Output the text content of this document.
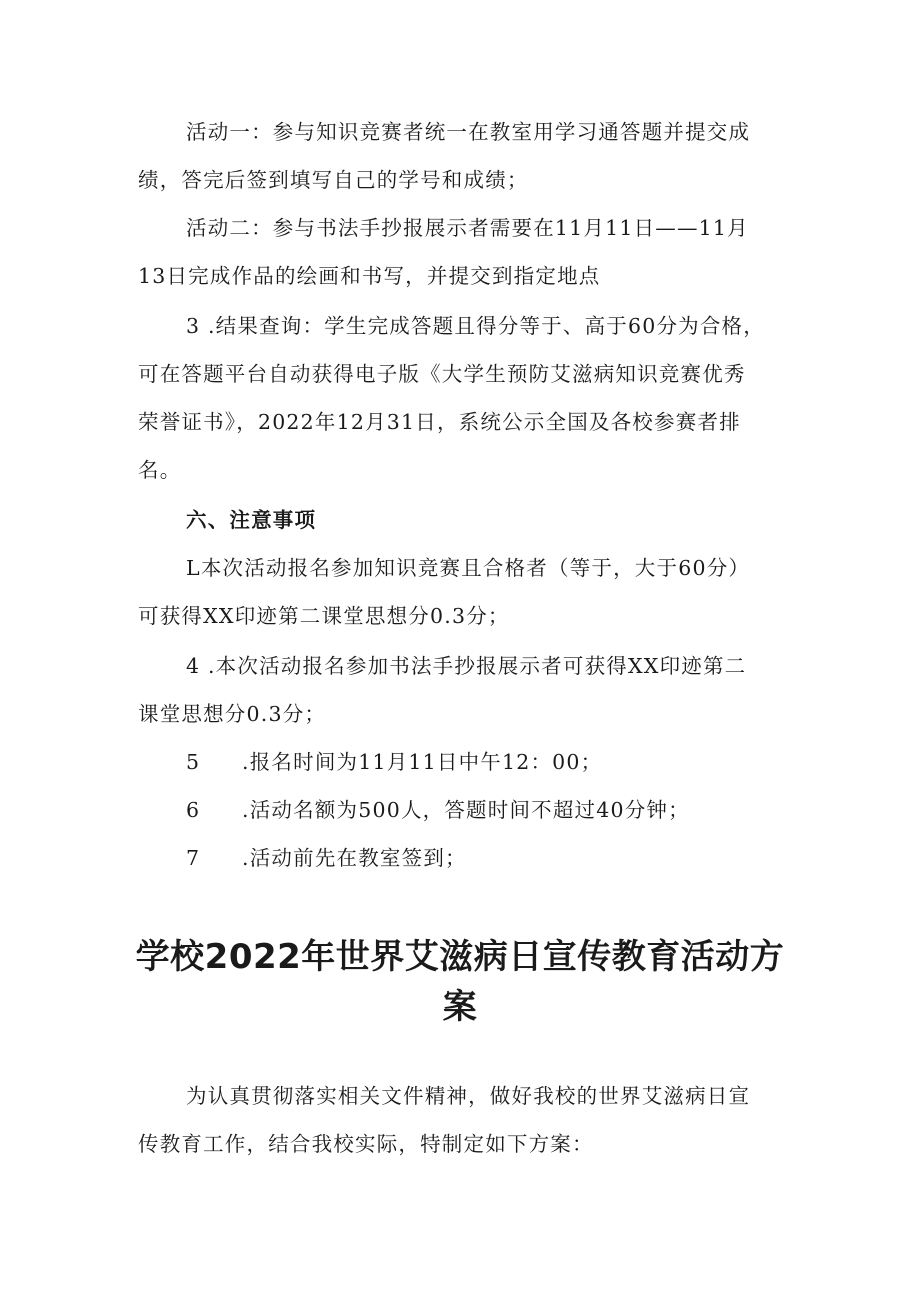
活动一：参与知识竞赛者统一在教室用学习通答题并提交成

绩，答完后签到填写自己的学号和成绩；

活动二：参与书法手抄报展示者需要在11月11日——11月

13日完成作品的绘画和书写，并提交到指定地点

3 .结果查询：学生完成答题且得分等于、高于60分为合格，

可在答题平台自动获得电子版《大学生预防艾滋病知识竞赛优秀

荣誉证书》，2022年12月31日，系统公示全国及各校参赛者排

名。

六、注意事项

L本次活动报名参加知识竞赛且合格者（等于，大于60分）

可获得XX印迹第二课堂思想分0.3分；

4 .本次活动报名参加书法手抄报展示者可获得XX印迹第二

课堂思想分0.3分；

5 .报名时间为11月11日中午12：00；
6 .活动名额为500人，答题时间不超过40分钟；
7 .活动前先在教室签到；
学校2022年世界艾滋病日宣传教育活动方
案

为认真贯彻落实相关文件精神，做好我校的世界艾滋病日宣

传教育工作，结合我校实际，特制定如下方案：
